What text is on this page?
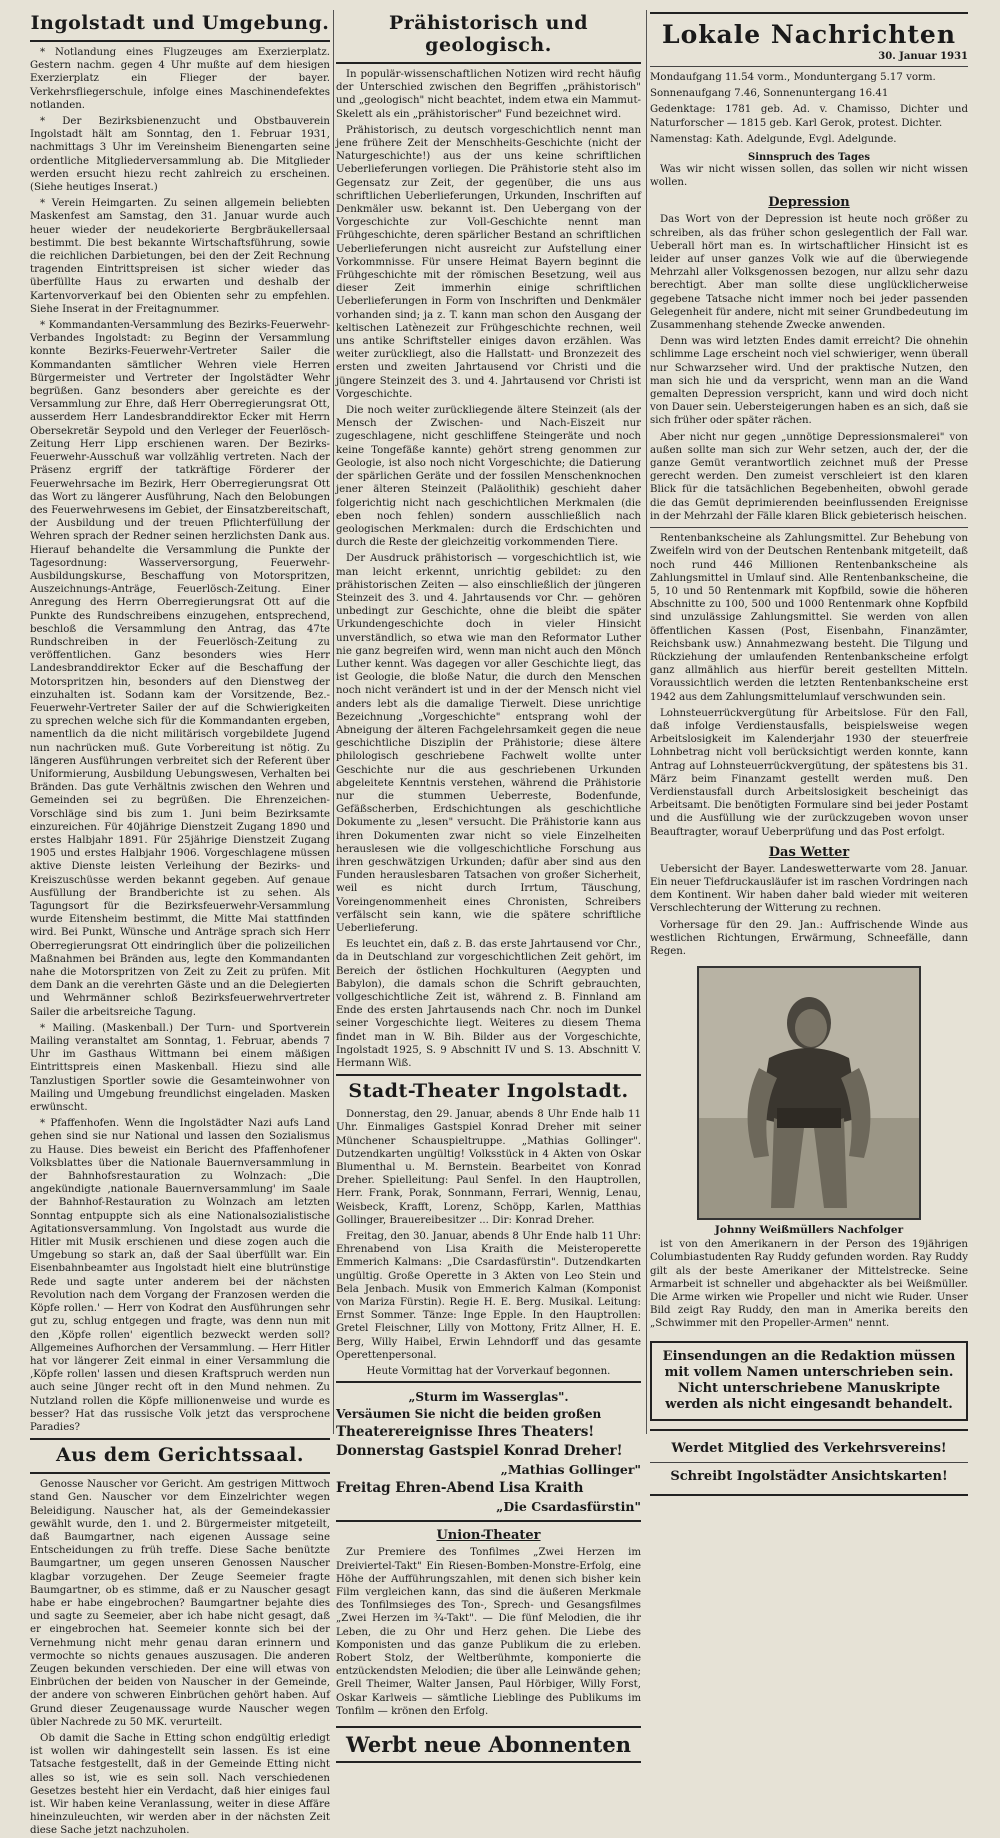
Ingolstadt und Umgebung.

* Notlandung eines Flugzeuges am Exerzierplatz. Gestern nachm. gegen 4 Uhr mußte auf dem hiesigen Exerzierplatz ein Flieger der bayer. Verkehrsfliegerschule, infolge eines Maschinendefektes notlanden.

* Der Bezirksbienenzucht und Obstbauverein Ingolstadt hält am Sonntag, den 1. Februar 1931, nachmittags 3 Uhr im Vereinsheim Bienengarten seine ordentliche Mitgliederversammlung ab. Die Mitglieder werden ersucht hiezu recht zahlreich zu erscheinen. (Siehe heutiges Inserat.)

* Verein Heimgarten. Zu seinen allgemein beliebten Maskenfest am Samstag, den 31. Januar wurde auch heuer wieder der neudekorierte Bergbräukellersaal bestimmt. Die best bekannte Wirtschaftsführung, sowie die reichlichen Darbietungen, bei den der Zeit Rechnung tragenden Eintrittspreisen ist sicher wieder das überfüllte Haus zu erwarten und deshalb der Kartenvorverkauf bei den Obienten sehr zu empfehlen. Siehe Inserat in der Freitagnummer.

* Kommandanten-Versammlung des Bezirks-Feuerwehr-Verbandes Ingolstadt: zu Beginn der Versammlung konnte Bezirks-Feuerwehr-Vertreter Sailer die Kommandanten sämtlicher Wehren viele Herren Bürgermeister und Vertreter der Ingolstädter Wehr begrüßen. Ganz besonders aber gereichte es der Versammlung zur Ehre, daß Herr Oberregierungsrat Ott, ausserdem Herr Landesbranddirektor Ecker mit Herrn Obersekretär Seypold und den Verleger der Feuerlösch-Zeitung Herr Lipp erschienen waren. Der Bezirks-Feuerwehr-Ausschuß war vollzählig vertreten. Nach der Präsenz ergriff der tatkräftige Förderer der Feuerwehrsache im Bezirk, Herr Oberregierungsrat Ott das Wort zu längerer Ausführung, Nach den Belobungen des Feuerwehrwesens im Gebiet, der Einsatzbereitschaft, der Ausbildung und der treuen Pflichterfüllung der Wehren sprach der Redner seinen herzlichsten Dank aus. Hierauf behandelte die Versammlung die Punkte der Tagesordnung: Wasserversorgung, Feuerwehr-Ausbildungskurse, Beschaffung von Motorspritzen, Auszeichnungs-Anträge, Feuerlösch-Zeitung. Einer Anregung des Herrn Oberregierungsrat Ott auf die Punkte des Rundschreibens einzugehen, entsprechend, beschloß die Versammlung den Antrag, das 47te Rundschreiben in der Feuerlösch-Zeitung zu veröffentlichen. Ganz besonders wies Herr Landesbranddirektor Ecker auf die Beschaffung der Motorspritzen hin, besonders auf den Dienstweg der einzuhalten ist. Sodann kam der Vorsitzende, Bez.-Feuerwehr-Vertreter Sailer der auf die Schwierigkeiten zu sprechen welche sich für die Kommandanten ergeben, namentlich da die nicht militärisch vorgebildete Jugend nun nachrücken muß. Gute Vorbereitung ist nötig. Zu längeren Ausführungen verbreitet sich der Referent über Uniformierung, Ausbildung Uebungswesen, Verhalten bei Bränden. Das gute Verhältnis zwischen den Wehren und Gemeinden sei zu begrüßen. Die Ehrenzeichen-Vorschläge sind bis zum 1. Juni beim Bezirksamte einzureichen. Für 40jährige Dienstzeit Zugang 1890 und erstes Halbjahr 1891. Für 25jährige Dienstzeit Zugang 1905 und erstes Halbjahr 1906. Vorgeschlagene müssen aktive Dienste leisten Verleihung der Bezirks- und Kreiszuschüsse werden bekannt gegeben. Auf genaue Ausfüllung der Brandberichte ist zu sehen. Als Tagungsort für die Bezirksfeuerwehr-Versammlung wurde Eitensheim bestimmt, die Mitte Mai stattfinden wird. Bei Punkt, Wünsche und Anträge sprach sich Herr Oberregierungsrat Ott eindringlich über die polizeilichen Maßnahmen bei Bränden aus, legte den Kommandanten nahe die Motorspritzen von Zeit zu Zeit zu prüfen. Mit dem Dank an die verehrten Gäste und an die Delegierten und Wehrmänner schloß Bezirksfeuerwehrvertreter Sailer die arbeitsreiche Tagung.

* Mailing. (Maskenball.) Der Turn- und Sportverein Mailing veranstaltet am Sonntag, 1. Februar, abends 7 Uhr im Gasthaus Wittmann bei einem mäßigen Eintrittspreis einen Maskenball. Hiezu sind alle Tanzlustigen Sportler sowie die Gesamteinwohner von Mailing und Umgebung freundlichst eingeladen. Masken erwünscht.

* Pfaffenhofen. Wenn die Ingolstädter Nazi aufs Land gehen sind sie nur National und lassen den Sozialismus zu Hause. Dies beweist ein Bericht des Pfaffenhofener Volksblattes über die Nationale Bauernversammlung in der Bahnhofsrestauration zu Wolnzach: „Die angekündigte ‚nationale Bauernversammlung' im Saale der Bahnhof-Restauration zu Wolnzach am letzten Sonntag entpuppte sich als eine Nationalsozialistische Agitationsversammlung. Von Ingolstadt aus wurde die Hitler mit Musik erschienen und diese zogen auch die Umgebung so stark an, daß der Saal überfüllt war. Ein Eisenbahnbeamter aus Ingolstadt hielt eine blutrünstige Rede und sagte unter anderem bei der nächsten Revolution nach dem Vorgang der Franzosen werden die Köpfe rollen.' — Herr von Kodrat den Ausführungen sehr gut zu, schlug entgegen und fragte, was denn nun mit den ‚Köpfe rollen' eigentlich bezweckt werden soll? Allgemeines Aufhorchen der Versammlung. — Herr Hitler hat vor längerer Zeit einmal in einer Versammlung die ‚Köpfe rollen' lassen und diesen Kraftspruch werden nun auch seine Jünger recht oft in den Mund nehmen. Zu Nutzland rollen die Köpfe millionenweise und wurde es besser? Hat das russische Volk jetzt das versprochene Paradies?

Aus dem Gerichtssaal.

Genosse Nauscher vor Gericht. Am gestrigen Mittwoch stand Gen. Nauscher vor dem Einzelrichter wegen Beleidigung. Nauscher hat, als der Gemeindekassier gewählt wurde, den 1. und 2. Bürgermeister mitgeteilt, daß Baumgartner, nach eigenen Aussage seine Entscheidungen zu früh treffe. Diese Sache benützte Baumgartner, um gegen unseren Genossen Nauscher klagbar vorzugehen. Der Zeuge Seemeier fragte Baumgartner, ob es stimme, daß er zu Nauscher gesagt habe er habe eingebrochen? Baumgartner bejahte dies und sagte zu Seemeier, aber ich habe nicht gesagt, daß er eingebrochen hat. Seemeier konnte sich bei der Vernehmung nicht mehr genau daran erinnern und vermochte so nichts genaues auszusagen. Die anderen Zeugen bekunden verschieden. Der eine will etwas von Einbrüchen der beiden von Nauscher in der Gemeinde, der andere von schweren Einbrüchen gehört haben. Auf Grund dieser Zeugenaussage wurde Nauscher wegen übler Nachrede zu 50 MK. verurteilt.

Ob damit die Sache in Etting schon endgültig erledigt ist wollen wir dahingestellt sein lassen. Es ist eine Tatsache festgestellt, daß in der Gemeinde Etting nicht alles so ist, wie es sein soll. Nach verschiedenen Gesetzes besteht hier ein Verdacht, daß hier einiges faul ist. Wir haben keine Veranlassung, weiter in diese Affäre hineinzuleuchten, wir werden aber in der nächsten Zeit diese Sache jetzt nachzuholen.

Prähistorisch und geologisch.

In populär-wissenschaftlichen Notizen wird recht häufig der Unterschied zwischen den Begriffen „prähistorisch" und „geologisch" nicht beachtet, indem etwa ein Mammut-Skelett als ein „prähistorischer" Fund bezeichnet wird.

Prähistorisch, zu deutsch vorgeschichtlich nennt man jene frühere Zeit der Menschheits-Geschichte (nicht der Naturgeschichte!) aus der uns keine schriftlichen Ueberlieferungen vorliegen. Die Prähistorie steht also im Gegensatz zur Zeit, der gegenüber, die uns aus schriftlichen Ueberlieferungen, Urkunden, Inschriften auf Denkmäler usw. bekannt ist. Den Uebergang von der Vorgeschichte zur Voll-Geschichte nennt man Frühgeschichte, deren spärlicher Bestand an schriftlichen Ueberlieferungen nicht ausreicht zur Aufstellung einer Vorkommnisse. Für unsere Heimat Bayern beginnt die Frühgeschichte mit der römischen Besetzung, weil aus dieser Zeit immerhin einige schriftlichen Ueberlieferungen in Form von Inschriften und Denkmäler vorhanden sind; ja z. T. kann man schon den Ausgang der keltischen Latènezeit zur Frühgeschichte rechnen, weil uns antike Schriftsteller einiges davon erzählen. Was weiter zurückliegt, also die Hallstatt- und Bronzezeit des ersten und zweiten Jahrtausend vor Christi und die jüngere Steinzeit des 3. und 4. Jahrtausend vor Christi ist Vorgeschichte.

Die noch weiter zurückliegende ältere Steinzeit (als der Mensch der Zwischen- und Nach-Eiszeit nur zugeschlagene, nicht geschliffene Steingeräte und noch keine Tongefäße kannte) gehört streng genommen zur Geologie, ist also noch nicht Vorgeschichte; die Datierung der spärlichen Geräte und der fossilen Menschenknochen jener älteren Steinzeit (Paläolithik) geschieht daher folgerichtig nicht nach geschichtlichen Merkmalen (die eben noch fehlen) sondern ausschließlich nach geologischen Merkmalen: durch die Erdschichten und durch die Reste der gleichzeitig vorkommenden Tiere.

Der Ausdruck prähistorisch — vorgeschichtlich ist, wie man leicht erkennt, unrichtig gebildet: zu den prähistorischen Zeiten — also einschließlich der jüngeren Steinzeit des 3. und 4. Jahrtausends vor Chr. — gehören unbedingt zur Geschichte, ohne die bleibt die später Urkundengeschichte doch in vieler Hinsicht unverständlich, so etwa wie man den Reformator Luther nie ganz begreifen wird, wenn man nicht auch den Mönch Luther kennt. Was dagegen vor aller Geschichte liegt, das ist Geologie, die bloße Natur, die durch den Menschen noch nicht verändert ist und in der der Mensch nicht viel anders lebt als die damalige Tierwelt. Diese unrichtige Bezeichnung „Vorgeschichte" entsprang wohl der Abneigung der älteren Fachgelehrsamkeit gegen die neue geschichtliche Disziplin der Prähistorie; diese ältere philologisch geschriebene Fachwelt wollte unter Geschichte nur die aus geschriebenen Urkunden abgeleitete Kenntnis verstehen, während die Prähistorie nur die stummen Ueberreste, Bodenfunde, Gefäßscherben, Erdschichtungen als geschichtliche Dokumente zu „lesen" versucht. Die Prähistorie kann aus ihren Dokumenten zwar nicht so viele Einzelheiten herauslesen wie die vollgeschichtliche Forschung aus ihren geschwätzigen Urkunden; dafür aber sind aus den Funden herauslesbaren Tatsachen von großer Sicherheit, weil es nicht durch Irrtum, Täuschung, Voreingenommenheit eines Chronisten, Schreibers verfälscht sein kann, wie die spätere schriftliche Ueberlieferung.

Es leuchtet ein, daß z. B. das erste Jahrtausend vor Chr., da in Deutschland zur vorgeschichtlichen Zeit gehört, im Bereich der östlichen Hochkulturen (Aegypten und Babylon), die damals schon die Schrift gebrauchten, vollgeschichtliche Zeit ist, während z. B. Finnland am Ende des ersten Jahrtausends nach Chr. noch im Dunkel seiner Vorgeschichte liegt. Weiteres zu diesem Thema findet man in W. Bih. Bilder aus der Vorgeschichte, Ingolstadt 1925, S. 9 Abschnitt IV und S. 13. Abschnitt V. Hermann Wiß.

Stadt-Theater Ingolstadt.

Donnerstag, den 29. Januar, abends 8 Uhr Ende halb 11 Uhr. Einmaliges Gastspiel Konrad Dreher mit seiner Münchener Schauspieltruppe. „Mathias Gollinger". Dutzendkarten ungültig! Volksstück in 4 Akten von Oskar Blumenthal u. M. Bernstein. Bearbeitet von Konrad Dreher. Spielleitung: Paul Senfel. In den Hauptrollen, Herr. Frank, Porak, Sonnmann, Ferrari, Wennig, Lenau, Weisbeck, Krafft, Lorenz, Schöpp, Karlen, Matthias Gollinger, Brauereibesitzer ... Dir: Konrad Dreher.

Freitag, den 30. Januar, abends 8 Uhr Ende halb 11 Uhr: Ehrenabend von Lisa Kraith die Meisteroperette Emmerich Kalmans: „Die Csardasfürstin". Dutzendkarten ungültig. Große Operette in 3 Akten von Leo Stein und Bela Jenbach. Musik von Emmerich Kalman (Komponist von Mariza Fürstin). Regie H. E. Berg. Musikal. Leitung: Ernst Sommer. Tänze: Inge Epple. In den Hauptrollen: Gretel Fleischner, Lilly von Mottony, Fritz Allner, H. E. Berg, Willy Haibel, Erwin Lehndorff und das gesamte Operettenpersonal.

Heute Vormittag hat der Vorverkauf begonnen.

„Sturm im Wasserglas".
Versäumen Sie nicht die beiden großen
Theaterereignisse Ihres Theaters!
Donnerstag Gastspiel Konrad Dreher!
„Mathias Gollinger"
Freitag Ehren-Abend Lisa Kraith
„Die Csardasfürstin"
Union-Theater

Zur Premiere des Tonfilmes „Zwei Herzen im Dreiviertel-Takt" Ein Riesen-Bomben-Monstre-Erfolg, eine Höhe der Aufführungszahlen, mit denen sich bisher kein Film vergleichen kann, das sind die äußeren Merkmale des Tonfilmsieges des Ton-, Sprech- und Gesangsfilmes „Zwei Herzen im ¾-Takt". — Die fünf Melodien, die ihr Leben, die zu Ohr und Herz gehen. Die Liebe des Komponisten und das ganze Publikum die zu erleben. Robert Stolz, der Weltberühmte, komponierte die entzückendsten Melodien; die über alle Leinwände gehen; Grell Theimer, Walter Jansen, Paul Hörbiger, Willy Forst, Oskar Karlweis — sämtliche Lieblinge des Publikums im Tonfilm — krönen den Erfolg.

Werbt neue Abonnenten
Lokale Nachrichten
30. Januar 1931

Mondaufgang 11.54 vorm., Monduntergang 5.17 vorm.

Sonnenaufgang 7.46, Sonnenuntergang 16.41

Gedenktage: 1781 geb. Ad. v. Chamisso, Dichter und Naturforscher — 1815 geb. Karl Gerok, protest. Dichter.

Namenstag: Kath. Adelgunde, Evgl. Adelgunde.

Sinnspruch des Tages

Was wir nicht wissen sollen, das sollen wir nicht wissen wollen.

Depression

Das Wort von der Depression ist heute noch größer zu schreiben, als das früher schon geslegentlich der Fall war. Ueberall hört man es. In wirtschaftlicher Hinsicht ist es leider auf unser ganzes Volk wie auf die überwiegende Mehrzahl aller Volksgenossen bezogen, nur allzu sehr dazu berechtigt. Aber man sollte diese unglücklicherweise gegebene Tatsache nicht immer noch bei jeder passenden Gelegenheit für andere, nicht mit seiner Grundbedeutung im Zusammenhang stehende Zwecke anwenden.

Denn was wird letzten Endes damit erreicht? Die ohnehin schlimme Lage erscheint noch viel schwieriger, wenn überall nur Schwarzseher wird. Und der praktische Nutzen, den man sich hie und da verspricht, wenn man an die Wand gemalten Depression verspricht, kann und wird doch nicht von Dauer sein. Uebersteigerungen haben es an sich, daß sie sich früher oder später rächen.

Aber nicht nur gegen „unnötige Depressionsmalerei" von außen sollte man sich zur Wehr setzen, auch der, der die ganze Gemüt verantwortlich zeichnet muß der Presse gerecht werden. Den zumeist verschleiert ist den klaren Blick für die tatsächlichen Begebenheiten, obwohl gerade die das Gemüt deprimierenden beeinflussenden Ereignisse in der Mehrzahl der Fälle klaren Blick gebieterisch heischen.

Rentenbankscheine als Zahlungsmittel. Zur Behebung von Zweifeln wird von der Deutschen Rentenbank mitgeteilt, daß noch rund 446 Millionen Rentenbankscheine als Zahlungsmittel in Umlauf sind. Alle Rentenbankscheine, die 5, 10 und 50 Rentenmark mit Kopfbild, sowie die höheren Abschnitte zu 100, 500 und 1000 Rentenmark ohne Kopfbild sind unzulässige Zahlungsmittel. Sie werden von allen öffentlichen Kassen (Post, Eisenbahn, Finanzämter, Reichsbank usw.) Annahmezwang besteht. Die Tilgung und Rückziehung der umlaufenden Rentenbankscheine erfolgt ganz allmählich aus hierfür bereit gestellten Mitteln. Voraussichtlich werden die letzten Rentenbankscheine erst 1942 aus dem Zahlungsmittelumlauf verschwunden sein.

Lohnsteuerrückvergütung für Arbeitslose. Für den Fall, daß infolge Verdienstausfalls, beispielsweise wegen Arbeitslosigkeit im Kalenderjahr 1930 der steuerfreie Lohnbetrag nicht voll berücksichtigt werden konnte, kann Antrag auf Lohnsteuerrückvergütung, der spätestens bis 31. März beim Finanzamt gestellt werden muß. Den Verdienstausfall durch Arbeitslosigkeit bescheinigt das Arbeitsamt. Die benötigten Formulare sind bei jeder Postamt und die Ausfüllung wie der zurückzugeben wovon unser Beauftragter, worauf Ueberprüfung und das Post erfolgt.

Das Wetter

Uebersicht der Bayer. Landeswetterwarte vom 28. Januar. Ein neuer Tiefdruckausläufer ist im raschen Vordringen nach dem Kontinent. Wir haben daher bald wieder mit weiteren Verschlechterung der Witterung zu rechnen.

Vorhersage für den 29. Jan.: Auffrischende Winde aus westlichen Richtungen, Erwärmung, Schneefälle, dann Regen.

Johnny Weißmüllers Nachfolger

ist von den Amerikanern in der Person des 19jährigen Columbiastudenten Ray Ruddy gefunden worden. Ray Ruddy gilt als der beste Amerikaner der Mittelstrecke. Seine Armarbeit ist schneller und abgehackter als bei Weißmüller. Die Arme wirken wie Propeller und nicht wie Ruder. Unser Bild zeigt Ray Ruddy, den man in Amerika bereits den „Schwimmer mit den Propeller-Armen" nennt.

Einsendungen an die Redaktion müssen mit vollem Namen unterschrieben sein. Nicht unterschriebene Manuskripte werden als nicht eingesandt behandelt.
Werdet Mitglied des Verkehrsvereins!
Schreibt Ingolstädter Ansichtskarten!
